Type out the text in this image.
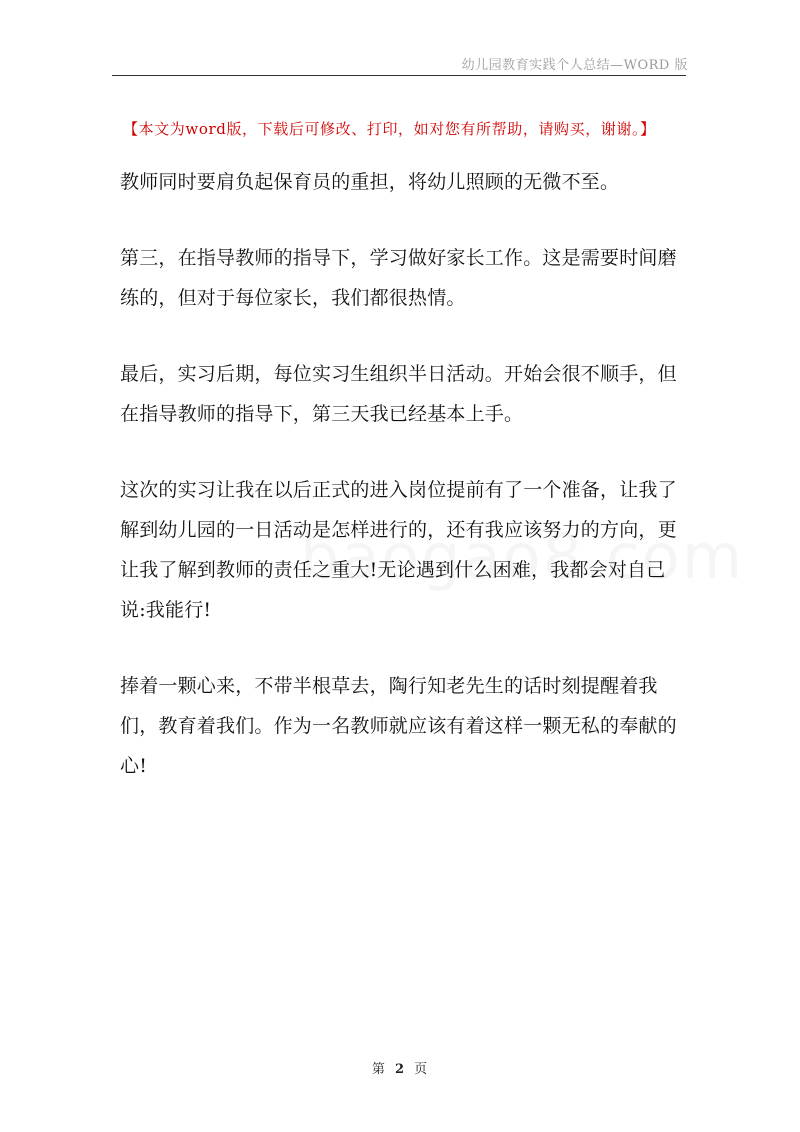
幼儿园教育实践个人总结—WORD 版
【本文为word版，下载后可修改、打印，如对您有所帮助，请购买，谢谢。】

教师同时要肩负起保育员的重担，将幼儿照顾的无微不至。

第三，在指导教师的指导下，学习做好家长工作。这是需要时间磨练的，但对于每位家长，我们都很热情。

最后，实习后期，每位实习生组织半日活动。开始会很不顺手，但在指导教师的指导下，第三天我已经基本上手。

这次的实习让我在以后正式的进入岗位提前有了一个准备，让我了解到幼儿园的一日活动是怎样进行的，还有我应该努力的方向，更让我了解到教师的责任之重大!无论遇到什么困难，我都会对自己说:我能行!

捧着一颗心来，不带半根草去，陶行知老先生的话时刻提醒着我们，教育着我们。作为一名教师就应该有着这样一颗无私的奉献的心!

第 2 页
